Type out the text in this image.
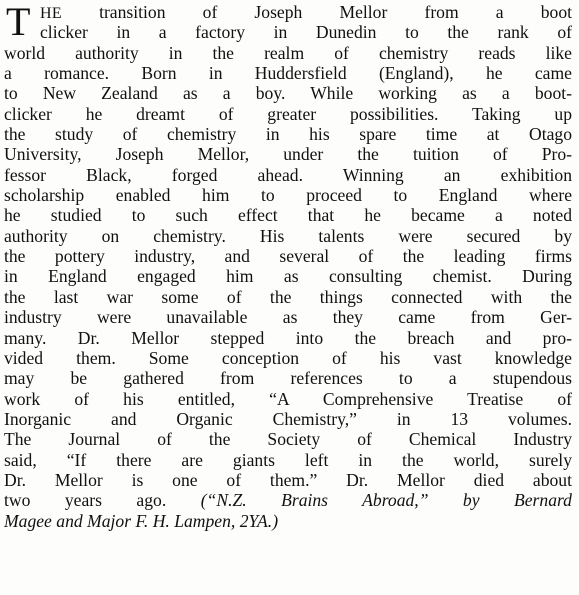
T HE transition of Joseph Mellor from a boot
clicker in a factory in Dunedin to the rank of
world authority in the realm of chemistry reads like
a romance. Born in Huddersfield (England), he came
to New Zealand as a boy. While working as a boot-
clicker he dreamt of greater possibilities. Taking up
the study of chemistry in his spare time at Otago
University, Joseph Mellor, under the tuition of Pro-
fessor Black, forged ahead. Winning an exhibition
scholarship enabled him to proceed to England where
he studied to such effect that he became a noted
authority on chemistry. His talents were secured by
the pottery industry, and several of the leading firms
in England engaged him as consulting chemist. During
the last war some of the things connected with the
industry were unavailable as they came from Ger-
many. Dr. Mellor stepped into the breach and pro-
vided them. Some conception of his vast knowledge
may be gathered from references to a stupendous
work of his entitled, “A Comprehensive Treatise of
Inorganic and Organic Chemistry,” in 13 volumes.
The Journal of the Society of Chemical Industry
said, “If there are giants left in the world, surely
Dr. Mellor is one of them.” Dr. Mellor died about
two years ago. (“N.Z. Brains Abroad,” by Bernard
Magee and Major F. H. Lampen, 2YA.)
